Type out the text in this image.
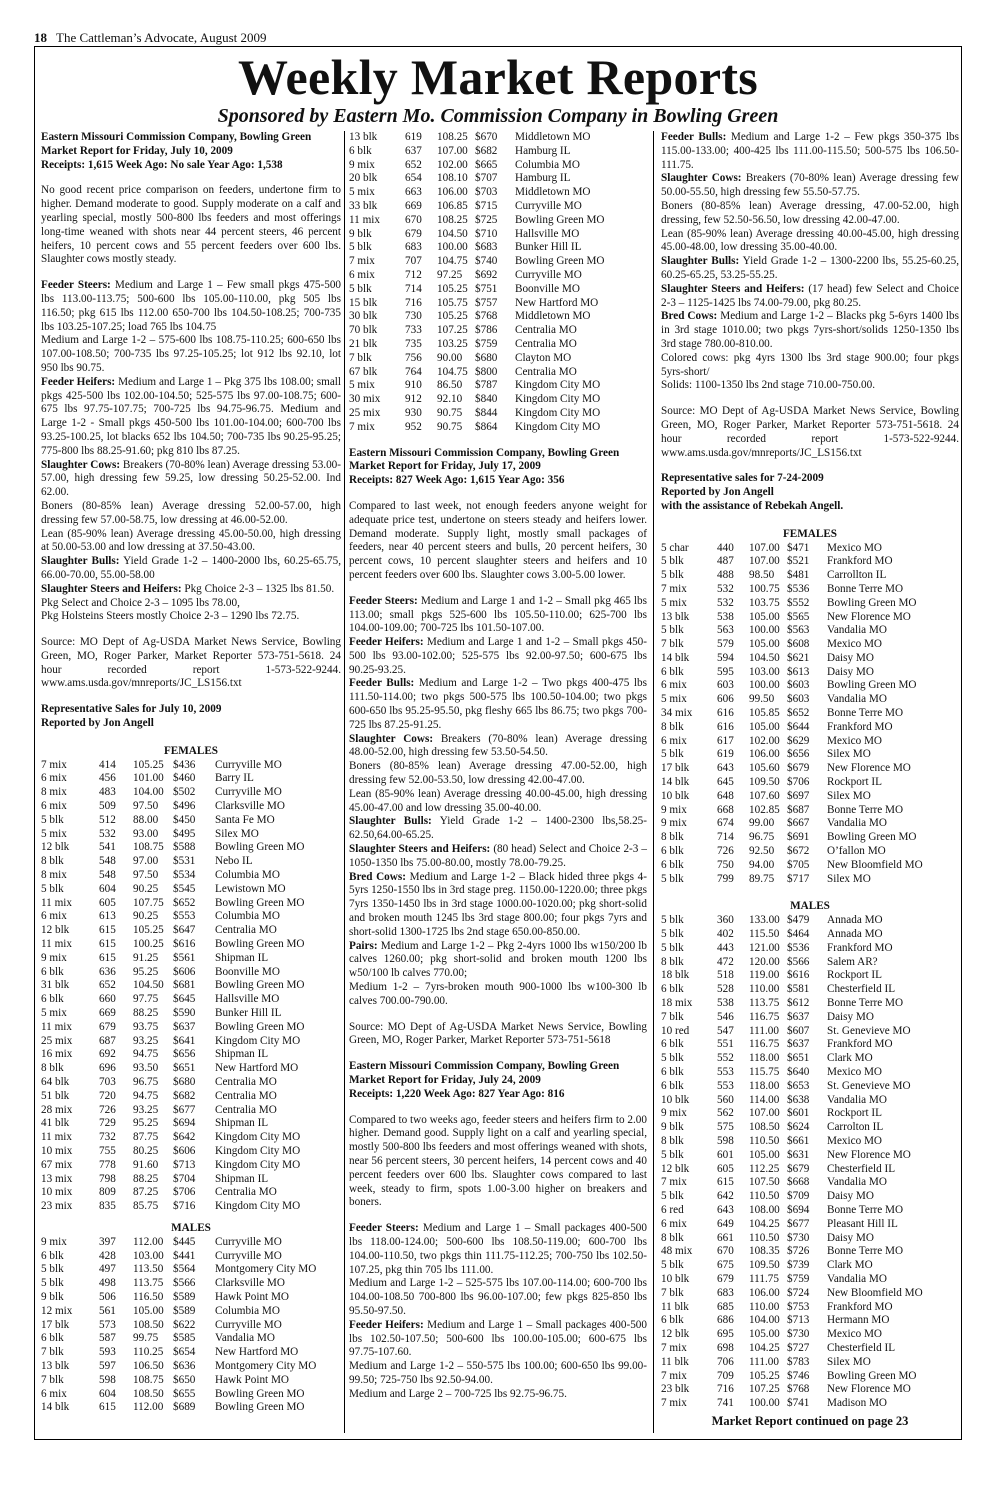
18 The Cattleman’s Advocate, August 2009
Weekly Market Reports
Sponsored by Eastern Mo. Commission Company in Bowling Green

Eastern Missouri Commission Company, Bowling Green

Market Report for Friday, July 10, 2009

Receipts: 1,615 Week Ago: No sale Year Ago: 1,538

No good recent price comparison on feeders, undertone firm to higher. Demand moderate to good. Supply moderate on a calf and yearling special, mostly 500-800 lbs feeders and most offerings long-time weaned with shots near 44 percent steers, 46 percent heifers, 10 percent cows and 55 percent feeders over 600 lbs. Slaughter cows mostly steady.

Feeder Steers: Medium and Large 1 – Few small pkgs 475-500 lbs 113.00-113.75; 500-600 lbs 105.00-110.00, pkg 505 lbs 116.50; pkg 615 lbs 112.00 650-700 lbs 104.50-108.25; 700-735 lbs 103.25-107.25; load 765 lbs 104.75

Medium and Large 1-2 – 575-600 lbs 108.75-110.25; 600-650 lbs 107.00-108.50; 700-735 lbs 97.25-105.25; lot 912 lbs 92.10, lot 950 lbs 90.75.

Feeder Heifers: Medium and Large 1 – Pkg 375 lbs 108.00; small pkgs 425-500 lbs 102.00-104.50; 525-575 lbs 97.00-108.75; 600-675 lbs 97.75-107.75; 700-725 lbs 94.75-96.75. Medium and Large 1-2 - Small pkgs 450-500 lbs 101.00-104.00; 600-700 lbs 93.25-100.25, lot blacks 652 lbs 104.50; 700-735 lbs 90.25-95.25; 775-800 lbs 88.25-91.60; pkg 810 lbs 87.25.

Slaughter Cows: Breakers (70-80% lean) Average dressing 53.00-57.00, high dressing few 59.25, low dressing 50.25-52.00. Ind 62.00.

Boners (80-85% lean) Average dressing 52.00-57.00, high dressing few 57.00-58.75, low dressing at 46.00-52.00.

Lean (85-90% lean) Average dressing 45.00-50.00, high dressing at 50.00-53.00 and low dressing at 37.50-43.00.

Slaughter Bulls: Yield Grade 1-2 – 1400-2000 lbs, 60.25-65.75, 66.00-70.00, 55.00-58.00

Slaughter Steers and Heifers: Pkg Choice 2-3 – 1325 lbs 81.50.

Pkg Select and Choice 2-3 – 1095 lbs 78.00,

Pkg Holsteins Steers mostly Choice 2-3 – 1290 lbs 72.75.

Source: MO Dept of Ag-USDA Market News Service, Bowling Green, MO, Roger Parker, Market Reporter 573-751-5618. 24 hour recorded report 1-573-522-9244. www.ams.usda.gov/mnreports/JC_LS156.txt

Representative Sales for July 10, 2009

Reported by Jon Angell

FEMALES

7 mix	414	105.25 $436	Curryville MO
6 mix	456	101.00 $460	Barry IL
8 mix	483	104.00 $502	Curryville MO
6 mix	509	97.50	$496	Clarksville MO
5 blk	512	88.00	$450	Santa Fe MO
5 mix	532	93.00	$495	Silex MO
12 blk	541	108.75 $588	Bowling Green MO
8 blk	548	97.00	$531	Nebo IL
8 mix	548	97.50	$534	Columbia MO
5 blk	604	90.25	$545	Lewistown MO
11 mix	605	107.75 $652	Bowling Green MO
6 mix	613	90.25	$553	Columbia MO
12 blk	615	105.25 $647	Centralia MO
11 mix	615	100.25 $616	Bowling Green MO
9 mix	615	91.25	$561	Shipman IL
6 blk	636	95.25	$606	Boonville MO
31 blk	652	104.50 $681	Bowling Green MO
6 blk	660	97.75	$645	Hallsville MO
5 mix	669	88.25	$590	Bunker Hill IL
11 mix	679	93.75	$637	Bowling Green MO
25 mix	687	93.25	$641	Kingdom City MO
16 mix	692	94.75	$656	Shipman IL
8 blk	696	93.50	$651	New Hartford MO
64 blk	703	96.75	$680	Centralia MO
51 blk	720	94.75	$682	Centralia MO
28 mix	726	93.25	$677	Centralia MO
41 blk	729	95.25	$694	Shipman IL
11 mix	732	87.75	$642	Kingdom City MO
10 mix	755	80.25	$606	Kingdom City MO
67 mix	778	91.60	$713	Kingdom City MO
13 mix	798	88.25	$704	Shipman IL
10 mix	809	87.25	$706	Centralia MO
23 mix	835	85.75	$716	Kingdom City MO

MALES

9 mix	397	112.00 $445	Curryville MO
6 blk	428	103.00 $441	Curryville MO
5 blk	497	113.50 $564	Montgomery City MO
5 blk	498	113.75 $566	Clarksville MO
9 blk	506	116.50 $589	Hawk Point MO
12 mix	561	105.00 $589	Columbia MO
17 blk	573	108.50 $622	Curryville MO
6 blk	587	99.75	$585	Vandalia MO
7 blk	593	110.25 $654	New Hartford MO
13 blk	597	106.50 $636	Montgomery City MO
7 blk	598	108.75 $650	Hawk Point MO
6 mix	604	108.50 $655	Bowling Green MO
14 blk	615	112.00 $689	Bowling Green MO
13 blk	619	108.25 $670	Middletown MO
6 blk	637	107.00 $682	Hamburg IL
9 mix	652	102.00 $665	Columbia MO
20 blk	654	108.10 $707	Hamburg IL
5 mix	663	106.00 $703	Middletown MO
33 blk	669	106.85 $715	Curryville MO
11 mix	670	108.25 $725	Bowling Green MO
9 blk	679	104.50 $710	Hallsville MO
5 blk	683	100.00 $683	Bunker Hill IL
7 mix	707	104.75 $740	Bowling Green MO
6 mix	712	97.25	$692	Curryville MO
5 blk	714	105.25 $751	Boonville MO
15 blk	716	105.75 $757	New Hartford MO
30 blk	730	105.25 $768	Middletown MO
70 blk	733	107.25 $786	Centralia MO
21 blk	735	103.25 $759	Centralia MO
7 blk	756	90.00	$680	Clayton MO
67 blk	764	104.75 $800	Centralia MO
5 mix	910	86.50	$787	Kingdom City MO
30 mix	912	92.10	$840	Kingdom City MO
25 mix	930	90.75	$844	Kingdom City MO
7 mix	952	90.75	$864	Kingdom City MO

Eastern Missouri Commission Company, Bowling Green

Market Report for Friday, July 17, 2009

Receipts: 827 Week Ago: 1,615 Year Ago: 356

Compared to last week, not enough feeders anyone weight for adequate price test, undertone on steers steady and heifers lower. Demand moderate. Supply light, mostly small packages of feeders, near 40 percent steers and bulls, 20 percent heifers, 30 percent cows, 10 percent slaughter steers and heifers and 10 percent feeders over 600 lbs. Slaughter cows 3.00-5.00 lower.

Feeder Steers: Medium and Large 1 and 1-2 – Small pkg 465 lbs 113.00; small pkgs 525-600 lbs 105.50-110.00; 625-700 lbs 104.00-109.00; 700-725 lbs 101.50-107.00.

Feeder Heifers: Medium and Large 1 and 1-2 – Small pkgs 450-500 lbs 93.00-102.00; 525-575 lbs 92.00-97.50; 600-675 lbs 90.25-93.25.

Feeder Bulls: Medium and Large 1-2 – Two pkgs 400-475 lbs 111.50-114.00; two pkgs 500-575 lbs 100.50-104.00; two pkgs 600-650 lbs 95.25-95.50, pkg fleshy 665 lbs 86.75; two pkgs 700-725 lbs 87.25-91.25.

Slaughter Cows: Breakers (70-80% lean) Average dressing 48.00-52.00, high dressing few 53.50-54.50.

Boners (80-85% lean) Average dressing 47.00-52.00, high dressing few 52.00-53.50, low dressing 42.00-47.00.

Lean (85-90% lean) Average dressing 40.00-45.00, high dressing 45.00-47.00 and low dressing 35.00-40.00.

Slaughter Bulls: Yield Grade 1-2 – 1400-2300 lbs,58.25-62.50,64.00-65.25.

Slaughter Steers and Heifers: (80 head) Select and Choice 2-3 – 1050-1350 lbs 75.00-80.00, mostly 78.00-79.25.

Bred Cows: Medium and Large 1-2 – Black hided three pkgs 4-5yrs 1250-1550 lbs in 3rd stage preg. 1150.00-1220.00; three pkgs 7yrs 1350-1450 lbs in 3rd stage 1000.00-1020.00; pkg short-solid and broken mouth 1245 lbs 3rd stage 800.00; four pkgs 7yrs and short-solid 1300-1725 lbs 2nd stage 650.00-850.00.

Pairs: Medium and Large 1-2 – Pkg 2-4yrs 1000 lbs w150/200 lb calves 1260.00; pkg short-solid and broken mouth 1200 lbs w50/100 lb calves 770.00;

Medium 1-2 – 7yrs-broken mouth 900-1000 lbs w100-300 lb calves 700.00-790.00.

Source: MO Dept of Ag-USDA Market News Service, Bowling Green, MO, Roger Parker, Market Reporter 573-751-5618

Eastern Missouri Commission Company, Bowling Green

Market Report for Friday, July 24, 2009

Receipts: 1,220 Week Ago: 827 Year Ago: 816

Compared to two weeks ago, feeder steers and heifers firm to 2.00 higher. Demand good. Supply light on a calf and yearling special, mostly 500-800 lbs feeders and most offerings weaned with shots, near 56 percent steers, 30 percent heifers, 14 percent cows and 40 percent feeders over 600 lbs. Slaughter cows compared to last week, steady to firm, spots 1.00-3.00 higher on breakers and boners.

Feeder Steers: Medium and Large 1 – Small packages 400-500 lbs 118.00-124.00; 500-600 lbs 108.50-119.00; 600-700 lbs 104.00-110.50, two pkgs thin 111.75-112.25; 700-750 lbs 102.50-107.25, pkg thin 705 lbs 111.00.

Medium and Large 1-2 – 525-575 lbs 107.00-114.00; 600-700 lbs 104.00-108.50 700-800 lbs 96.00-107.00; few pkgs 825-850 lbs 95.50-97.50.

Feeder Heifers: Medium and Large 1 – Small packages 400-500 lbs 102.50-107.50; 500-600 lbs 100.00-105.00; 600-675 lbs 97.75-107.60.

Medium and Large 1-2 – 550-575 lbs 100.00; 600-650 lbs 99.00-99.50; 725-750 lbs 92.50-94.00.

Medium and Large 2 – 700-725 lbs 92.75-96.75.

Feeder Bulls: Medium and Large 1-2 – Few pkgs 350-375 lbs 115.00-133.00; 400-425 lbs 111.00-115.50; 500-575 lbs 106.50-111.75.

Slaughter Cows: Breakers (70-80% lean) Average dressing few 50.00-55.50, high dressing few 55.50-57.75.

Boners (80-85% lean) Average dressing, 47.00-52.00, high dressing, few 52.50-56.50, low dressing 42.00-47.00.

Lean (85-90% lean) Average dressing 40.00-45.00, high dressing 45.00-48.00, low dressing 35.00-40.00.

Slaughter Bulls: Yield Grade 1-2 – 1300-2200 lbs, 55.25-60.25, 60.25-65.25, 53.25-55.25.

Slaughter Steers and Heifers: (17 head) few Select and Choice 2-3 – 1125-1425 lbs 74.00-79.00, pkg 80.25.

Bred Cows: Medium and Large 1-2 – Blacks pkg 5-6yrs 1400 lbs in 3rd stage 1010.00; two pkgs 7yrs-short/solids 1250-1350 lbs 3rd stage 780.00-810.00.

Colored cows: pkg 4yrs 1300 lbs 3rd stage 900.00; four pkgs 5yrs-short/

Solids: 1100-1350 lbs 2nd stage 710.00-750.00.

Source: MO Dept of Ag-USDA Market News Service, Bowling Green, MO, Roger Parker, Market Reporter 573-751-5618. 24 hour recorded report 1-573-522-9244. www.ams.usda.gov/mnreports/JC_LS156.txt

Representative sales for 7-24-2009

Reported by Jon Angell

with the assistance of Rebekah Angell.

FEMALES

5 char	440	107.00 $471	Mexico MO
5 blk	487	107.00 $521	Frankford MO
5 blk	488	98.50	$481	Carrollton IL
7 mix	532	100.75 $536	Bonne Terre MO
5 mix	532	103.75 $552	Bowling Green MO
13 blk	538	105.00 $565	New Florence MO
5 blk	563	100.00 $563	Vandalia MO
7 blk	579	105.00 $608	Mexico MO
14 blk	594	104.50 $621	Daisy MO
6 blk	595	103.00 $613	Daisy MO
6 mix	603	100.00 $603	Bowling Green MO
5 mix	606	99.50	$603	Vandalia MO
34 mix	616	105.85 $652	Bonne Terre MO
8 blk	616	105.00 $644	Frankford MO
6 mix	617	102.00 $629	Mexico MO
5 blk	619	106.00 $656	Silex MO
17 blk	643	105.60 $679	New Florence MO
14 blk	645	109.50 $706	Rockport IL
10 blk	648	107.60 $697	Silex MO
9 mix	668	102.85 $687	Bonne Terre MO
9 mix	674	99.00	$667	Vandalia MO
8 blk	714	96.75	$691	Bowling Green MO
6 blk	726	92.50	$672	O’fallon MO
6 blk	750	94.00	$705	New Bloomfield MO
5 blk	799	89.75	$717	Silex MO

MALES

5 blk	360	133.00 $479	Annada MO
5 blk	402	115.50 $464	Annada MO
5 blk	443	121.00 $536	Frankford MO
8 blk	472	120.00 $566	Salem AR?
18 blk	518	119.00 $616	Rockport IL
6 blk	528	110.00 $581	Chesterfield IL
18 mix	538	113.75 $612	Bonne Terre MO
7 blk	546	116.75 $637	Daisy MO
10 red	547	111.00 $607	St. Genevieve MO
6 blk	551	116.75 $637	Frankford MO
5 blk	552	118.00 $651	Clark MO
6 blk	553	115.75 $640	Mexico MO
6 blk	553	118.00 $653	St. Genevieve MO
10 blk	560	114.00 $638	Vandalia MO
9 mix	562	107.00 $601	Rockport IL
9 blk	575	108.50 $624	Carrolton IL
8 blk	598	110.50 $661	Mexico MO
5 blk	601	105.00 $631	New Florence MO
12 blk	605	112.25 $679	Chesterfield IL
7 mix	615	107.50 $668	Vandalia MO
5 blk	642	110.50 $709	Daisy MO
6 red	643	108.00 $694	Bonne Terre MO
6 mix	649	104.25 $677	Pleasant Hill IL
8 blk	661	110.50 $730	Daisy MO
48 mix	670	108.35 $726	Bonne Terre MO
5 blk	675	109.50 $739	Clark MO
10 blk	679	111.75 $759	Vandalia MO
7 blk	683	106.00 $724	New Bloomfield MO
11 blk	685	110.00 $753	Frankford MO
6 blk	686	104.00 $713	Hermann MO
12 blk	695	105.00 $730	Mexico MO
7 mix	698	104.25 $727	Chesterfield IL
11 blk	706	111.00 $783	Silex MO
7 mix	709	105.25 $746	Bowling Green MO
23 blk	716	107.25 $768	New Florence MO
7 mix	741	100.00 $741	Madison MO

Market Report continued on page 23
